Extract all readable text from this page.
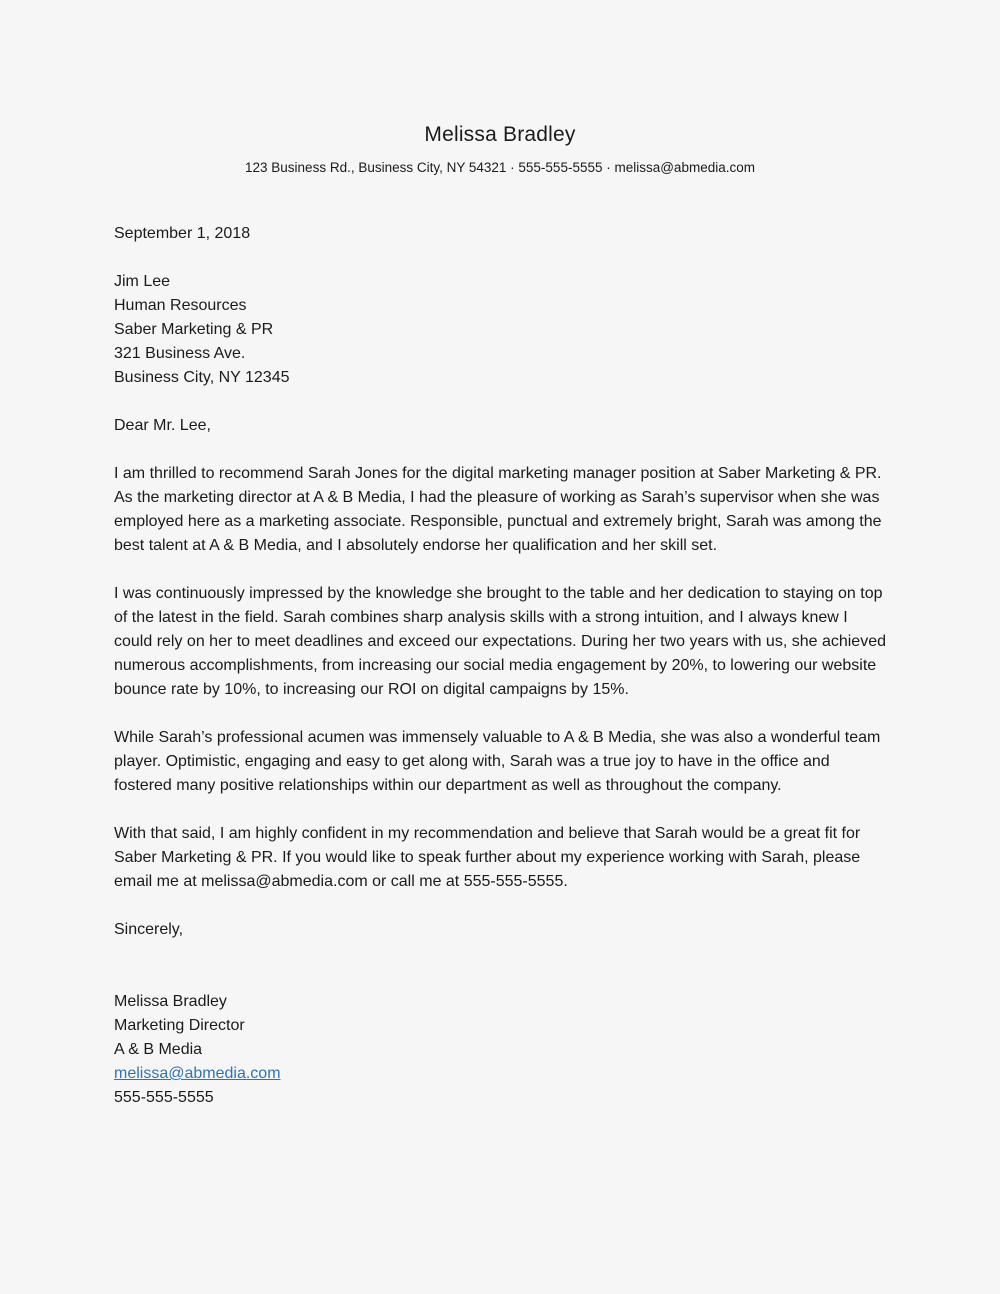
Melissa Bradley
123 Business Rd., Business City, NY 54321 · 555-555-5555 · melissa@abmedia.com
September 1, 2018
Jim Lee
Human Resources
Saber Marketing & PR
321 Business Ave.
Business City, NY 12345
Dear Mr. Lee,

I am thrilled to recommend Sarah Jones for the digital marketing manager position at Saber Marketing & PR. As the marketing director at A & B Media, I had the pleasure of working as Sarah’s supervisor when she was employed here as a marketing associate. Responsible, punctual and extremely bright, Sarah was among the best talent at A & B Media, and I absolutely endorse her qualification and her skill set.

I was continuously impressed by the knowledge she brought to the table and her dedication to staying on top of the latest in the field. Sarah combines sharp analysis skills with a strong intuition, and I always knew I could rely on her to meet deadlines and exceed our expectations. During her two years with us, she achieved numerous accomplishments, from increasing our social media engagement by 20%, to lowering our website bounce rate by 10%, to increasing our ROI on digital campaigns by 15%.

While Sarah’s professional acumen was immensely valuable to A & B Media, she was also a wonderful team player. Optimistic, engaging and easy to get along with, Sarah was a true joy to have in the office and fostered many positive relationships within our department as well as throughout the company.

With that said, I am highly confident in my recommendation and believe that Sarah would be a great fit for Saber Marketing & PR. If you would like to speak further about my experience working with Sarah, please email me at melissa@abmedia.com or call me at 555-555-5555.

Sincerely,
Melissa Bradley
Marketing Director
A & B Media
melissa@abmedia.com
555-555-5555
